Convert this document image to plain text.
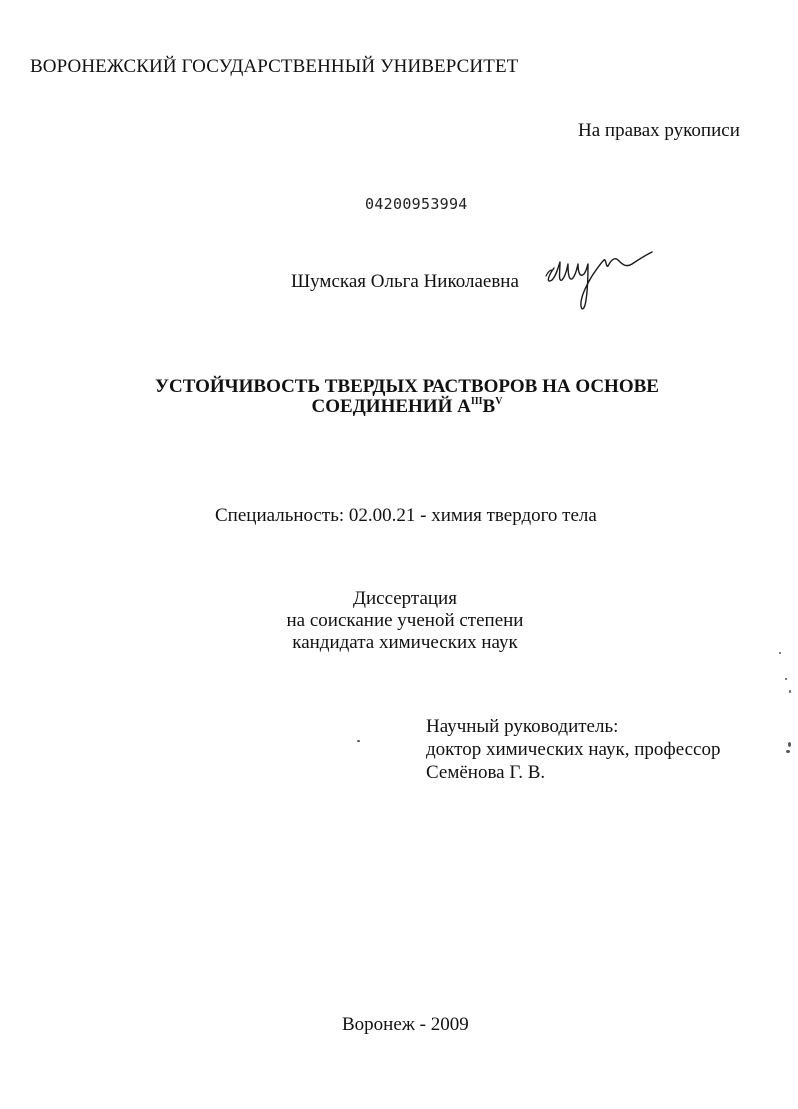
ВОРОНЕЖСКИЙ ГОСУДАРСТВЕННЫЙ УНИВЕРСИТЕТ
На правах рукописи
04200953994
Шумская Ольга Николаевна
УСТОЙЧИВОСТЬ ТВЕРДЫХ РАСТВОРОВ НА ОСНОВЕ
СОЕДИНЕНИЙ $А^{III}В^V$
Специальность: 02.00.21 - химия твердого тела
Диссертация
на соискание ученой степени
кандидата химических наук
Научный руководитель:
доктор химических наук, профессор
Семёнова Г. В.
Воронеж - 2009
